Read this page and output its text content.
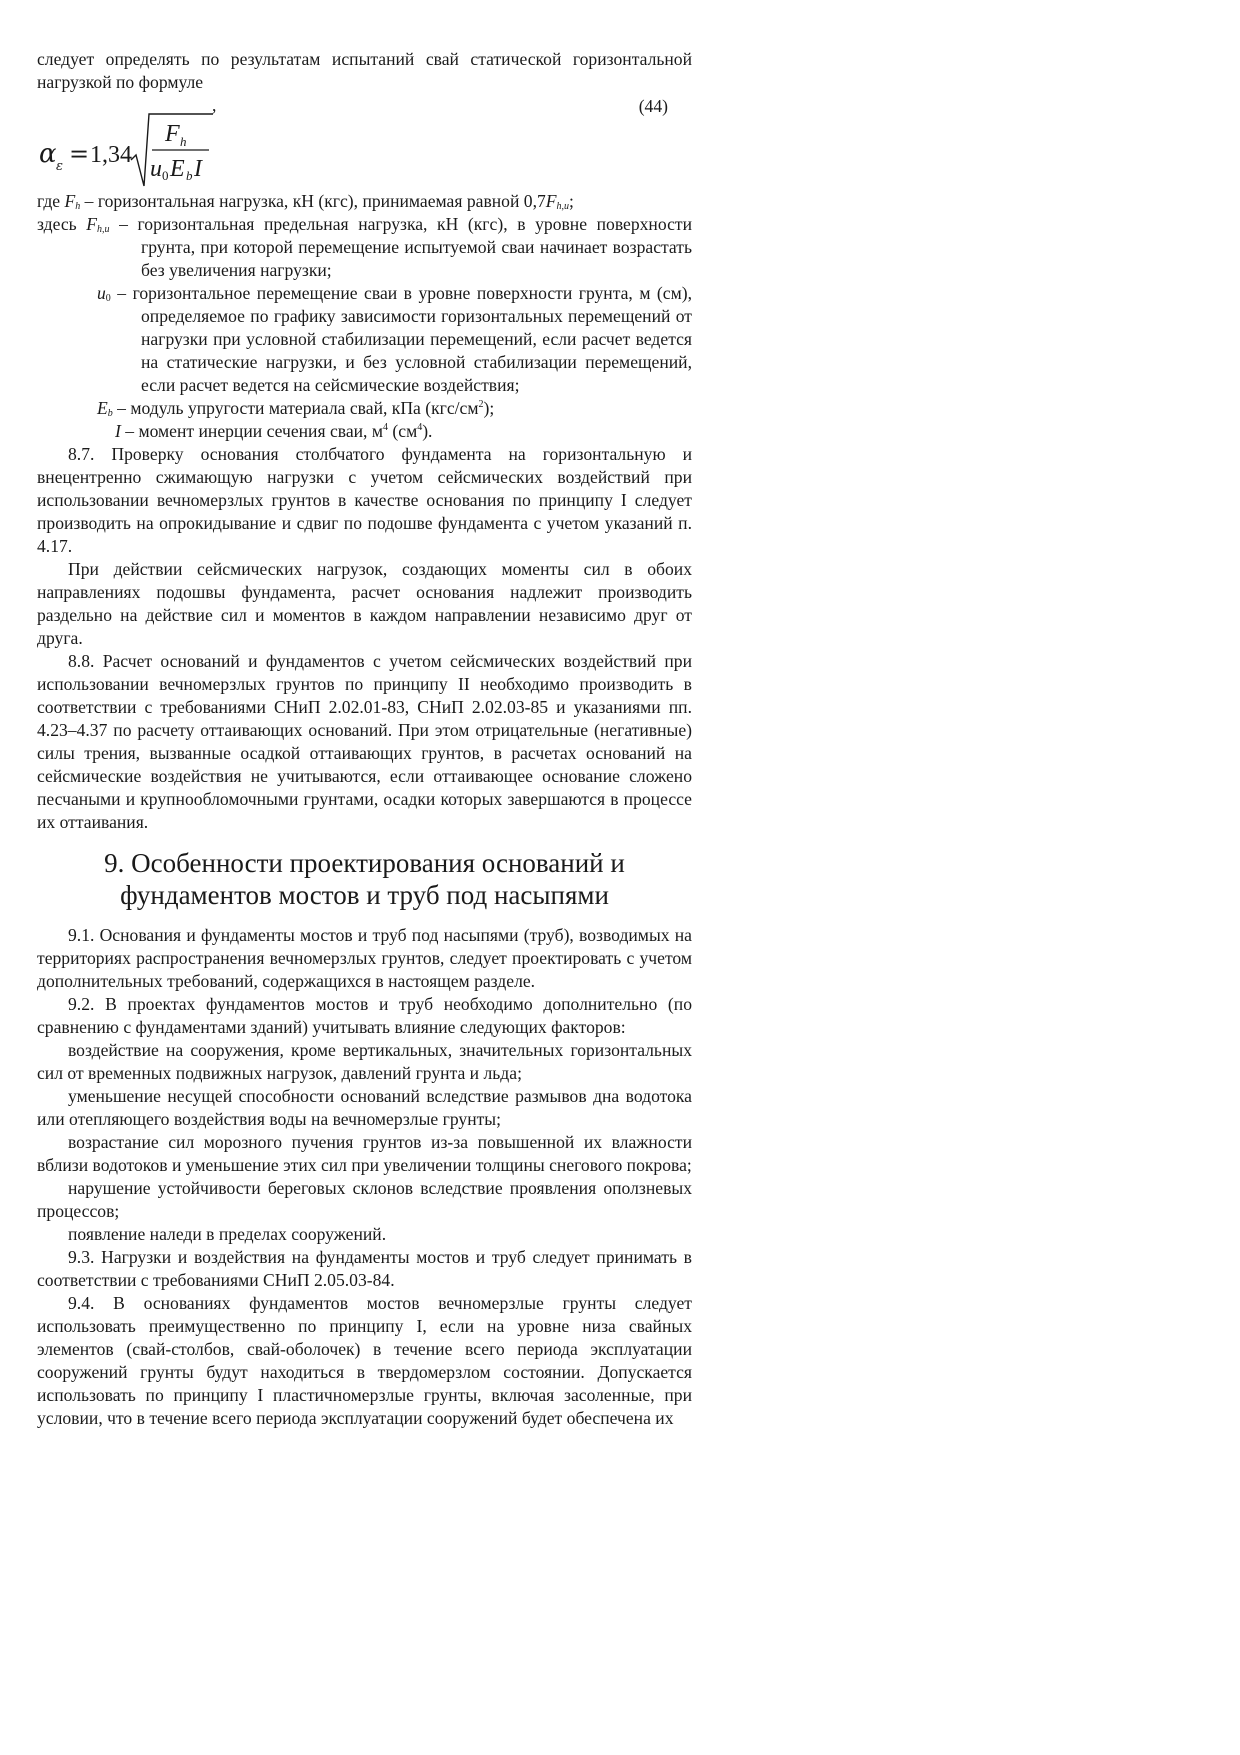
следует определять по результатам испытаний свай статической горизонтальной нагрузкой по формуле

,	(44)
α ε = 1,34
F h
u 0 E b I
где $F_h$ – горизонтальная нагрузка, кН (кгс), принимаемая равной $0,7F_{h,u}$;
здесь $F_{h,u}$ – горизонтальная предельная нагрузка, кН (кгс), в уровне поверхности грунта, при которой перемещение испытуемой сваи начинает возрастать без увеличения нагрузки;
$u_0$ – горизонтальное перемещение сваи в уровне поверхности грунта, м (см), определяемое по графику зависимости горизонтальных перемещений от нагрузки при условной стабилизации перемещений, если расчет ведется на статические нагрузки, и без условной стабилизации перемещений, если расчет ведется на сейсмические воздействия;
$E_b$ – модуль упругости материала свай, кПа $(кгс/см^2)$;
I – момент инерции сечения сваи, $м^4$ $(см^4)$.

8.7. Проверку основания столбчатого фундамента на горизонтальную и внецентренно сжимающую нагрузки с учетом сейсмических воздействий при использовании вечномерзлых грунтов в качестве основания по принципу I следует производить на опрокидывание и сдвиг по подошве фундамента с учетом указаний п. 4.17.

При действии сейсмических нагрузок, создающих моменты сил в обоих направлениях подошвы фундамента, расчет основания надлежит производить раздельно на действие сил и моментов в каждом направлении независимо друг от друга.

8.8. Расчет оснований и фундаментов с учетом сейсмических воздействий при использовании вечномерзлых грунтов по принципу II необходимо производить в соответствии с требованиями СНиП 2.02.01-83, СНиП 2.02.03-85 и указаниями пп. 4.23–4.37 по расчету оттаивающих оснований. При этом отрицательные (негативные) силы трения, вызванные осадкой оттаивающих грунтов, в расчетах оснований на сейсмические воздействия не учитываются, если оттаивающее основание сложено песчаными и крупнообломочными грунтами, осадки которых завершаются в процессе их оттаивания.

9. Особенности проектирования оснований и
фундаментов мостов и труб под насыпями

9.1. Основания и фундаменты мостов и труб под насыпями (труб), возводимых на территориях распространения вечномерзлых грунтов, следует проектировать с учетом дополнительных требований, содержащихся в настоящем разделе.

9.2. В проектах фундаментов мостов и труб необходимо дополнительно (по сравнению с фундаментами зданий) учитывать влияние следующих факторов:

воздействие на сооружения, кроме вертикальных, значительных горизонтальных сил от временных подвижных нагрузок, давлений грунта и льда;

уменьшение несущей способности оснований вследствие размывов дна водотока или отепляющего воздействия воды на вечномерзлые грунты;

возрастание сил морозного пучения грунтов из-за повышенной их влажности вблизи водотоков и уменьшение этих сил при увеличении толщины снегового покрова;

нарушение устойчивости береговых склонов вследствие проявления оползневых процессов;

появление наледи в пределах сооружений.

9.3. Нагрузки и воздействия на фундаменты мостов и труб следует принимать в соответствии с требованиями СНиП 2.05.03-84.

9.4. В основаниях фундаментов мостов вечномерзлые грунты следует использовать преимущественно по принципу I, если на уровне низа свайных элементов (свай-столбов, свай-оболочек) в течение всего периода эксплуатации сооружений грунты будут находиться в твердомерзлом состоянии. Допускается использовать по принципу I пластичномерзлые грунты, включая засоленные, при условии, что в течение всего периода эксплуатации сооружений будет обеспечена их
